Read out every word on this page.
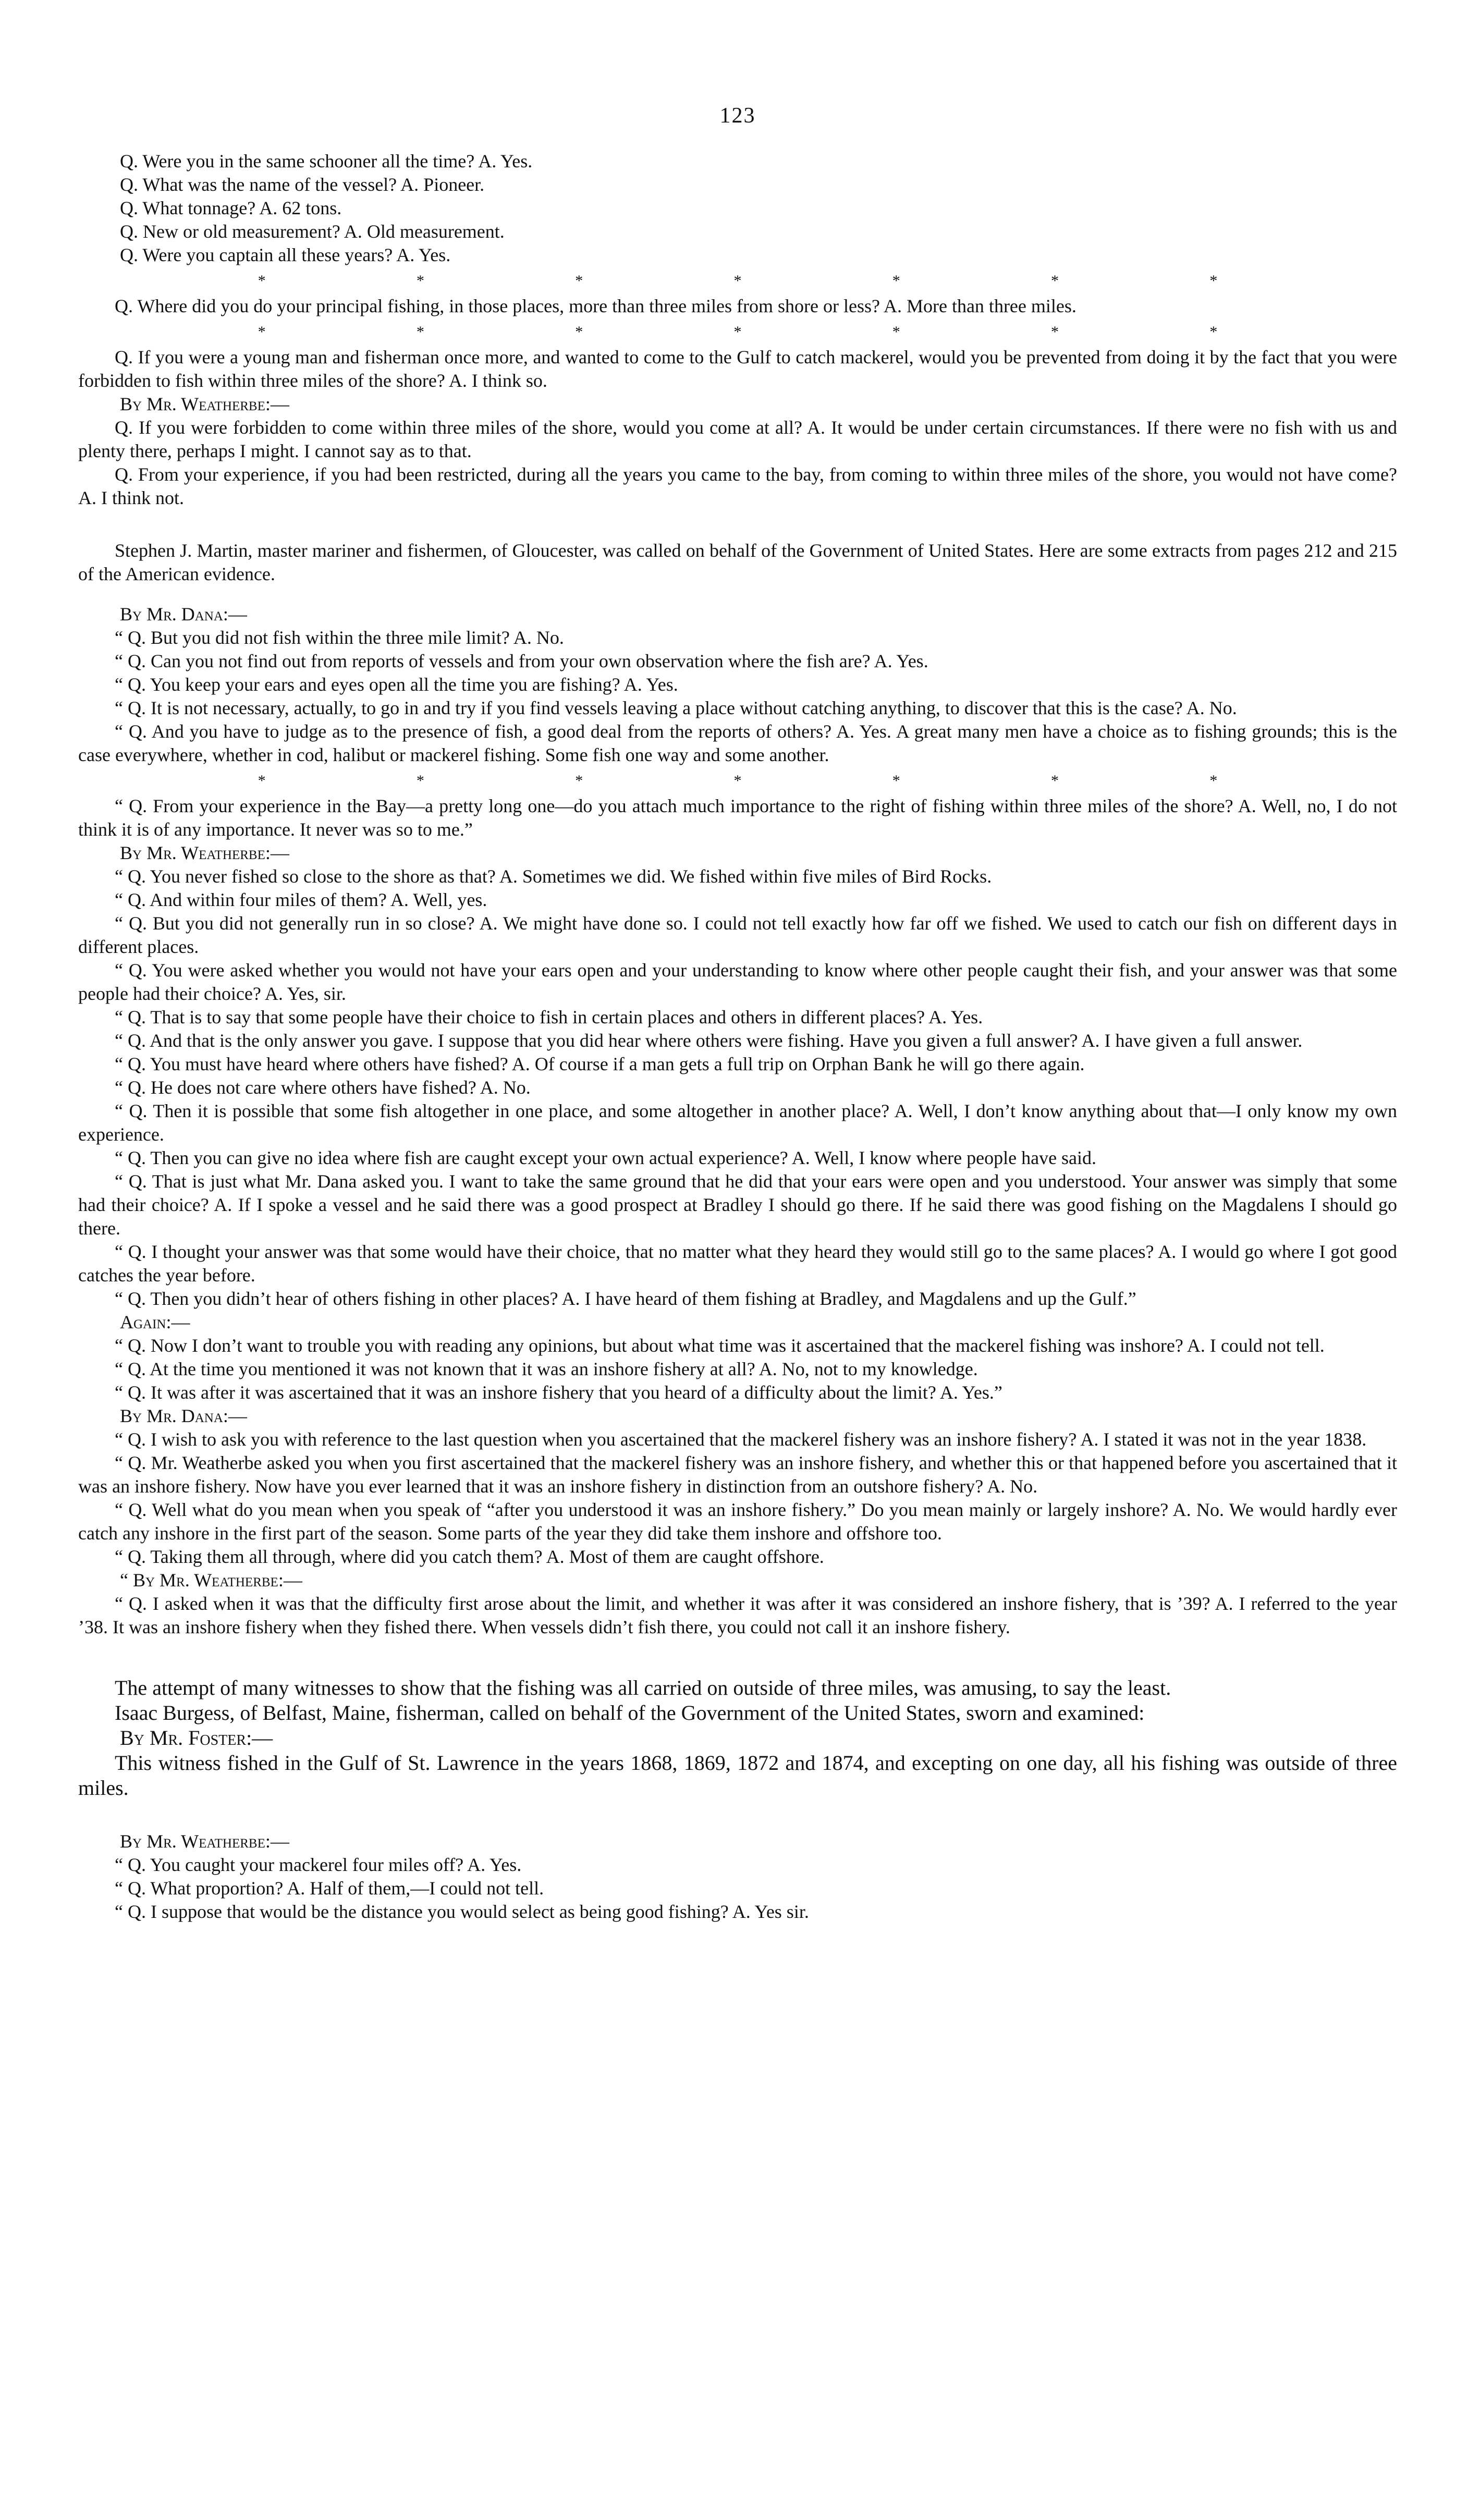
123
Q. Were you in the same schooner all the time? A. Yes.
Q. What was the name of the vessel? A. Pioneer.
Q. What tonnage? A. 62 tons.
Q. New or old measurement? A. Old measurement.
Q. Were you captain all these years? A. Yes.
*	*	*	*	*	*	*
Q. Where did you do your principal fishing, in those places, more than three miles from shore or less? A. More than three miles.
*	*	*	*	*	*	*
Q. If you were a young man and fisherman once more, and wanted to come to the Gulf to catch mackerel, would you be prevented from doing it by the fact that you were forbidden to fish within three miles of the shore? A. I think so.
By Mr. Weatherbe:—
Q. If you were forbidden to come within three miles of the shore, would you come at all? A. It would be under certain circumstances. If there were no fish with us and plenty there, perhaps I might. I cannot say as to that.
Q. From your experience, if you had been restricted, during all the years you came to the bay, from coming to within three miles of the shore, you would not have come? A. I think not.
Stephen J. Martin, master mariner and fishermen, of Gloucester, was called on behalf of the Government of United States. Here are some extracts from pages 212 and 215 of the American evidence.
By Mr. Dana:—
“ Q. But you did not fish within the three mile limit? A. No.
“ Q. Can you not find out from reports of vessels and from your own observation where the fish are? A. Yes.
“ Q. You keep your ears and eyes open all the time you are fishing? A. Yes.
“ Q. It is not necessary, actually, to go in and try if you find vessels leaving a place without catching anything, to discover that this is the case? A. No.
“ Q. And you have to judge as to the presence of fish, a good deal from the reports of others? A. Yes. A great many men have a choice as to fishing grounds; this is the case everywhere, whether in cod, halibut or mackerel fishing. Some fish one way and some another.
*	*	*	*	*	*	*
“ Q. From your experience in the Bay—a pretty long one—do you attach much importance to the right of fishing within three miles of the shore? A. Well, no, I do not think it is of any importance. It never was so to me.”
By Mr. Weatherbe:—
“ Q. You never fished so close to the shore as that? A. Sometimes we did. We fished within five miles of Bird Rocks.
“ Q. And within four miles of them? A. Well, yes.
“ Q. But you did not generally run in so close? A. We might have done so. I could not tell exactly how far off we fished. We used to catch our fish on different days in different places.
“ Q. You were asked whether you would not have your ears open and your understanding to know where other people caught their fish, and your answer was that some people had their choice? A. Yes, sir.
“ Q. That is to say that some people have their choice to fish in certain places and others in different places? A. Yes.
“ Q. And that is the only answer you gave. I suppose that you did hear where others were fishing. Have you given a full answer? A. I have given a full answer.
“ Q. You must have heard where others have fished? A. Of course if a man gets a full trip on Orphan Bank he will go there again.
“ Q. He does not care where others have fished? A. No.
“ Q. Then it is possible that some fish altogether in one place, and some altogether in another place? A. Well, I don’t know anything about that—I only know my own experience.
“ Q. Then you can give no idea where fish are caught except your own actual experience? A. Well, I know where people have said.
“ Q. That is just what Mr. Dana asked you. I want to take the same ground that he did that your ears were open and you understood. Your answer was simply that some had their choice? A. If I spoke a vessel and he said there was a good prospect at Bradley I should go there. If he said there was good fishing on the Magdalens I should go there.
“ Q. I thought your answer was that some would have their choice, that no matter what they heard they would still go to the same places? A. I would go where I got good catches the year before.
“ Q. Then you didn’t hear of others fishing in other places? A. I have heard of them fishing at Bradley, and Magdalens and up the Gulf.”
Again:—
“ Q. Now I don’t want to trouble you with reading any opinions, but about what time was it ascertained that the mackerel fishing was inshore? A. I could not tell.
“ Q. At the time you mentioned it was not known that it was an inshore fishery at all? A. No, not to my knowledge.
“ Q. It was after it was ascertained that it was an inshore fishery that you heard of a difficulty about the limit? A. Yes.”
By Mr. Dana:—
“ Q. I wish to ask you with reference to the last question when you ascertained that the mackerel fishery was an inshore fishery? A. I stated it was not in the year 1838.
“ Q. Mr. Weatherbe asked you when you first ascertained that the mackerel fishery was an inshore fishery, and whether this or that happened before you ascertained that it was an inshore fishery. Now have you ever learned that it was an inshore fishery in distinction from an outshore fishery? A. No.
“ Q. Well what do you mean when you speak of “after you understood it was an inshore fishery.” Do you mean mainly or largely inshore? A. No. We would hardly ever catch any inshore in the first part of the season. Some parts of the year they did take them inshore and offshore too.
“ Q. Taking them all through, where did you catch them? A. Most of them are caught offshore.
“ By Mr. Weatherbe:—
“ Q. I asked when it was that the difficulty first arose about the limit, and whether it was after it was considered an inshore fishery, that is ’39? A. I referred to the year ’38. It was an inshore fishery when they fished there. When vessels didn’t fish there, you could not call it an inshore fishery.
The attempt of many witnesses to show that the fishing was all carried on outside of three miles, was amusing, to say the least.
Isaac Burgess, of Belfast, Maine, fisherman, called on behalf of the Government of the United States, sworn and examined:
By Mr. Foster:—
This witness fished in the Gulf of St. Lawrence in the years 1868, 1869, 1872 and 1874, and excepting on one day, all his fishing was outside of three miles.
By Mr. Weatherbe:—
“ Q. You caught your mackerel four miles off? A. Yes.
“ Q. What proportion? A. Half of them,—I could not tell.
“ Q. I suppose that would be the distance you would select as being good fishing? A. Yes sir.
